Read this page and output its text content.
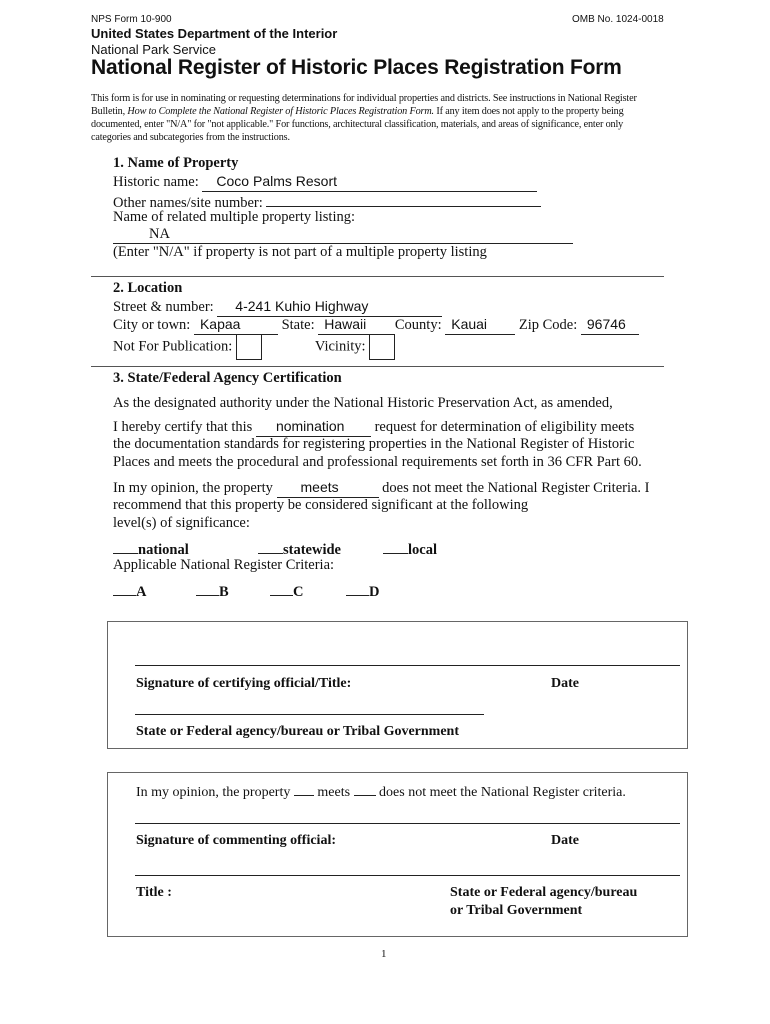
NPS Form 10-900	OMB No. 1024-0018
United States Department of the Interior
National Park Service
National Register of Historic Places Registration Form
This form is for use in nominating or requesting determinations for individual properties and districts. See instructions in National Register
Bulletin, How to Complete the National Register of Historic Places Registration Form. If any item does not apply to the property being
documented, enter "N/A" for "not applicable." For functions, architectural classification, materials, and areas of significance, enter only
categories and subcategories from the instructions.
1. Name of Property
Historic name: Coco Palms Resort
Other names/site number:
Name of related multiple property listing:
NA
(Enter "N/A" if property is not part of a multiple property listing
2. Location
Street & number: 4-241 Kuhio Highway
City or town: Kapaa	State: Hawaii County: Kauai Zip Code: 96746
Not For Publication:	Vicinity:
3. State/Federal Agency Certification
As the designated authority under the National Historic Preservation Act, as amended,
I hereby certify that this nomination request for determination of eligibility meets
the documentation standards for registering properties in the National Register of Historic
Places and meets the procedural and professional requirements set forth in 36 CFR Part 60.
In my opinion, the property meets	does not meet the National Register Criteria. I
recommend that this property be considered significant at the following
level(s) of significance:
national	statewide	local
Applicable National Register Criteria:
A	B	C	D
Signature of certifying official/Title:	Date
State or Federal agency/bureau or Tribal Government
In my opinion, the property meets does not meet the National Register criteria.
Signature of commenting official:	Date
Title :	State or Federal agency/bureau
or Tribal Government
1
